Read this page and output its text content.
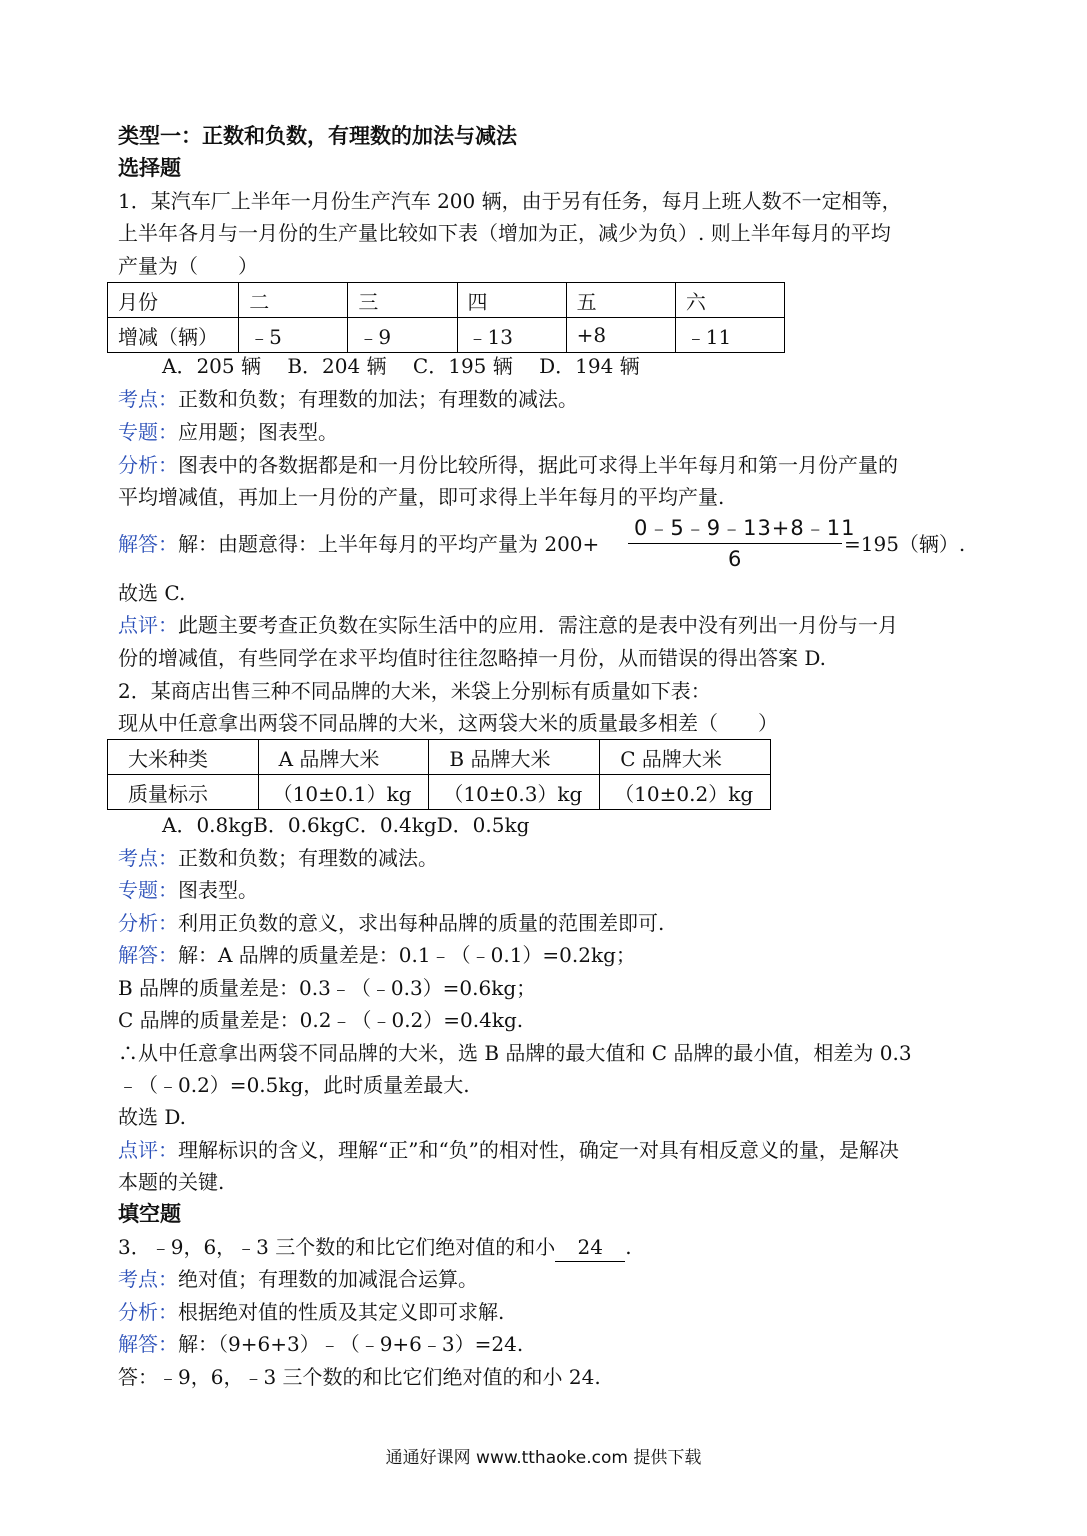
类型一：正数和负数，有理数的加法与减法
选择题
1．某汽车厂上半年一月份生产汽车 200 辆，由于另有任务，每月上班人数不一定相等，
上半年各月与一月份的生产量比较如下表（增加为正，减少为负）. 则上半年每月的平均
产量为（　　）
月份	二	三	四	五	六
增减（辆）	﹣5	﹣9	﹣13	+8	﹣11
A．205 辆　 B．204 辆　 C．195 辆　 D．194 辆
考点：正数和负数；有理数的加法；有理数的减法。
专题：应用题；图表型。
分析：图表中的各数据都是和一月份比较所得，据此可求得上半年每月和第一月份产量的
平均增减值，再加上一月份的产量，即可求得上半年每月的平均产量.
解答：解：由题意得：上半年每月的平均产量为 200+
0﹣5﹣9﹣13+8﹣11
6
=195（辆）.
故选 C.
点评：此题主要考查正负数在实际生活中的应用．需注意的是表中没有列出一月份与一月
份的增减值，有些同学在求平均值时往往忽略掉一月份，从而错误的得出答案 D.
2．某商店出售三种不同品牌的大米，米袋上分别标有质量如下表：
现从中任意拿出两袋不同品牌的大米，这两袋大米的质量最多相差（　　）
大米种类	A 品牌大米	B 品牌大米	C 品牌大米
质量标示	（10±0.1）kg	（10±0.3）kg	（10±0.2）kg
A．0.8kgB．0.6kgC．0.4kgD．0.5kg
考点：正数和负数；有理数的减法。
专题：图表型。
分析：利用正负数的意义，求出每种品牌的质量的范围差即可.
解答：解：A 品牌的质量差是：0.1﹣（﹣0.1）=0.2kg；
B 品牌的质量差是：0.3﹣（﹣0.3）=0.6kg；
C 品牌的质量差是：0.2﹣（﹣0.2）=0.4kg.
∴从中任意拿出两袋不同品牌的大米，选 B 品牌的最大值和 C 品牌的最小值，相差为 0.3
﹣（﹣0.2）=0.5kg，此时质量差最大.
故选 D.
点评：理解标识的含义，理解“正”和“负”的相对性，确定一对具有相反意义的量，是解决
本题的关键.
填空题
3．﹣9，6，﹣3 三个数的和比它们绝对值的和小 24 .
考点：绝对值；有理数的加减混合运算。
分析：根据绝对值的性质及其定义即可求解.
解答：解：（9+6+3）﹣（﹣9+6﹣3）=24.
答：﹣9，6，﹣3 三个数的和比它们绝对值的和小 24.
通通好课网 www.tthaoke.com 提供下载
